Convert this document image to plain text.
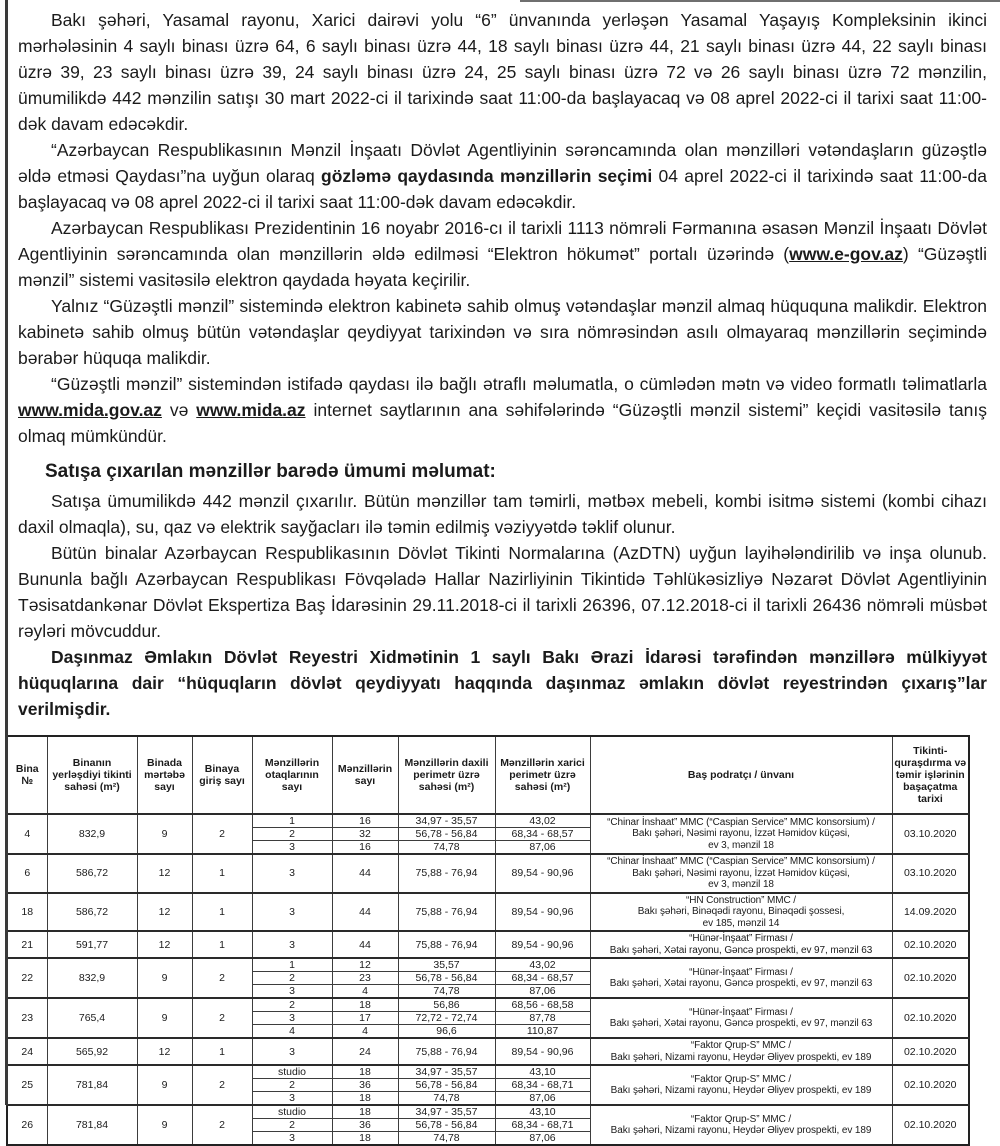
Bakı şəhəri, Yasamal rayonu, Xarici dairəvi yolu “6” ünvanında yerləşən Yasamal Yaşayış Kompleksinin ikinci mərhələsinin 4 saylı binası üzrə 64, 6 saylı binası üzrə 44, 18 saylı binası üzrə 44, 21 saylı binası üzrə 44, 22 saylı binası üzrə 39, 23 saylı binası üzrə 39, 24 saylı binası üzrə 24, 25 saylı binası üzrə 72 və 26 saylı binası üzrə 72 mənzilin, ümumilikdə 442 mənzilin satışı 30 mart 2022-ci il tarixində saat 11:00-da başlayacaq və 08 aprel 2022-ci il tarixi saat 11:00-dək davam edəcəkdir.

“Azərbaycan Respublikasının Mənzil İnşaatı Dövlət Agentliyinin sərəncamında olan mənzilləri vətəndaşların güzəştlə əldə etməsi Qaydası”na uyğun olaraq gözləmə qaydasında mənzillərin seçimi 04 aprel 2022-ci il tarixində saat 11:00-da başlayacaq və 08 aprel 2022-ci il tarixi saat 11:00-dək davam edəcəkdir.

Azərbaycan Respublikası Prezidentinin 16 noyabr 2016-cı il tarixli 1113 nömrəli Fərmanına əsasən Mənzil İnşaatı Dövlət Agentliyinin sərəncamında olan mənzillərin əldə edilməsi “Elektron hökumət” portalı üzərində (www.e-gov.az) “Güzəştli mənzil” sistemi vasitəsilə elektron qaydada həyata keçirilir.

Yalnız “Güzəştli mənzil” sistemində elektron kabinetə sahib olmuş vətəndaşlar mənzil almaq hüququna malikdir. Elektron kabinetə sahib olmuş bütün vətəndaşlar qeydiyyat tarixindən və sıra nömrəsindən asılı olmayaraq mənzillərin seçimində bərabər hüquqa malikdir.

“Güzəştli mənzil” sistemindən istifadə qaydası ilə bağlı ətraflı məlumatla, o cümlədən mətn və video formatlı təlimatlarla www.mida.gov.az və www.mida.az internet saytlarının ana səhifələrində “Güzəştli mənzil sistemi” keçidi vasitəsilə tanış olmaq mümkündür.

Satışa çıxarılan mənzillər barədə ümumi məlumat:

Satışa ümumilikdə 442 mənzil çıxarılır. Bütün mənzillər tam təmirli, mətbəx mebeli, kombi isitmə sistemi (kombi cihazı daxil olmaqla), su, qaz və elektrik sayğacları ilə təmin edilmiş vəziyyətdə təklif olunur.

Bütün binalar Azərbaycan Respublikasının Dövlət Tikinti Normalarına (AzDTN) uyğun layihələndirilib və inşa olunub. Bununla bağlı Azərbaycan Respublikası Fövqəladə Hallar Nazirliyinin Tikintidə Təhlükəsizliyə Nəzarət Dövlət Agentliyinin Təsisatdankənar Dövlət Ekspertiza Baş İdarəsinin 29.11.2018-ci il tarixli 26396, 07.12.2018-ci il tarixli 26436 nömrəli müsbət rəyləri mövcuddur.

Daşınmaz Əmlakın Dövlət Reyestri Xidmətinin 1 saylı Bakı Ərazi İdarəsi tərəfindən mənzillərə mülkiyyət hüquqlarına dair “hüquqların dövlət qeydiyyatı haqqında daşınmaz əmlakın dövlət reyestrindən çıxarış”lar verilmişdir.

Bina №	Binanın yerləşdiyi tikinti sahəsi (m²)	Binada mərtəbə sayı	Binaya giriş sayı	Mənzillərin otaqlarının sayı	Mənzillərin sayı	Mənzillərin daxili perimetr üzrə sahəsi (m²)	Mənzillərin xarici perimetr üzrə sahəsi (m²)	Baş podratçı / ünvanı	Tikinti-quraşdırma və təmir işlərinin başaçatma tarixi
4	832,9	9	2	1	16	34,97 - 35,57	43,02	“Chinar İnshaat” MMC (“Caspian Service” MMC konsorsium) /
Bakı şəhəri, Nəsimi rayonu, İzzət Həmidov küçəsi,
ev 3, mənzil 18	03.10.2020
				2	32	56,78 - 56,84	68,34 - 68,57		
				3	16	74,78	87,06		
6	586,72	12	1	3	44	75,88 - 76,94	89,54 - 90,96	“Chinar İnshaat” MMC (“Caspian Service” MMC konsorsium) /
Bakı şəhəri, Nəsimi rayonu, İzzət Həmidov küçəsi,
ev 3, mənzil 18	03.10.2020
18	586,72	12	1	3	44	75,88 - 76,94	89,54 - 90,96	“HN Construction” MMC /
Bakı şəhəri, Binəqədi rayonu, Binəqədi şossesi,
ev 185, mənzil 14	14.09.2020
21	591,77	12	1	3	44	75,88 - 76,94	89,54 - 90,96	“Hünər-İnşaat” Firması /
Bakı şəhəri, Xətai rayonu, Gəncə prospekti, ev 97, mənzil 63	02.10.2020
22	832,9	9	2	1	12	35,57	43,02	“Hünər-İnşaat” Firması /
Bakı şəhəri, Xətai rayonu, Gəncə prospekti, ev 97, mənzil 63	02.10.2020
				2	23	56,78 - 56,84	68,34 - 68,57		
				3	4	74,78	87,06		
23	765,4	9	2	2	18	56,86	68,56 - 68,58	“Hünər-İnşaat” Firması /
Bakı şəhəri, Xətai rayonu, Gəncə prospekti, ev 97, mənzil 63	02.10.2020
				3	17	72,72 - 72,74	87,78		
				4	4	96,6	110,87		
24	565,92	12	1	3	24	75,88 - 76,94	89,54 - 90,96	“Faktor Qrup-S” MMC /
Bakı şəhəri, Nizami rayonu, Heydər Əliyev prospekti, ev 189	02.10.2020
25	781,84	9	2	studio	18	34,97 - 35,57	43,10	“Faktor Qrup-S” MMC /
Bakı şəhəri, Nizami rayonu, Heydər Əliyev prospekti, ev 189	02.10.2020
				2	36	56,78 - 56,84	68,34 - 68,71		
				3	18	74,78	87,06		
26	781,84	9	2	studio	18	34,97 - 35,57	43,10	“Faktor Qrup-S” MMC /
Bakı şəhəri, Nizami rayonu, Heydər Əliyev prospekti, ev 189	02.10.2020
				2	36	56,78 - 56,84	68,34 - 68,71		
				3	18	74,78	87,06		
